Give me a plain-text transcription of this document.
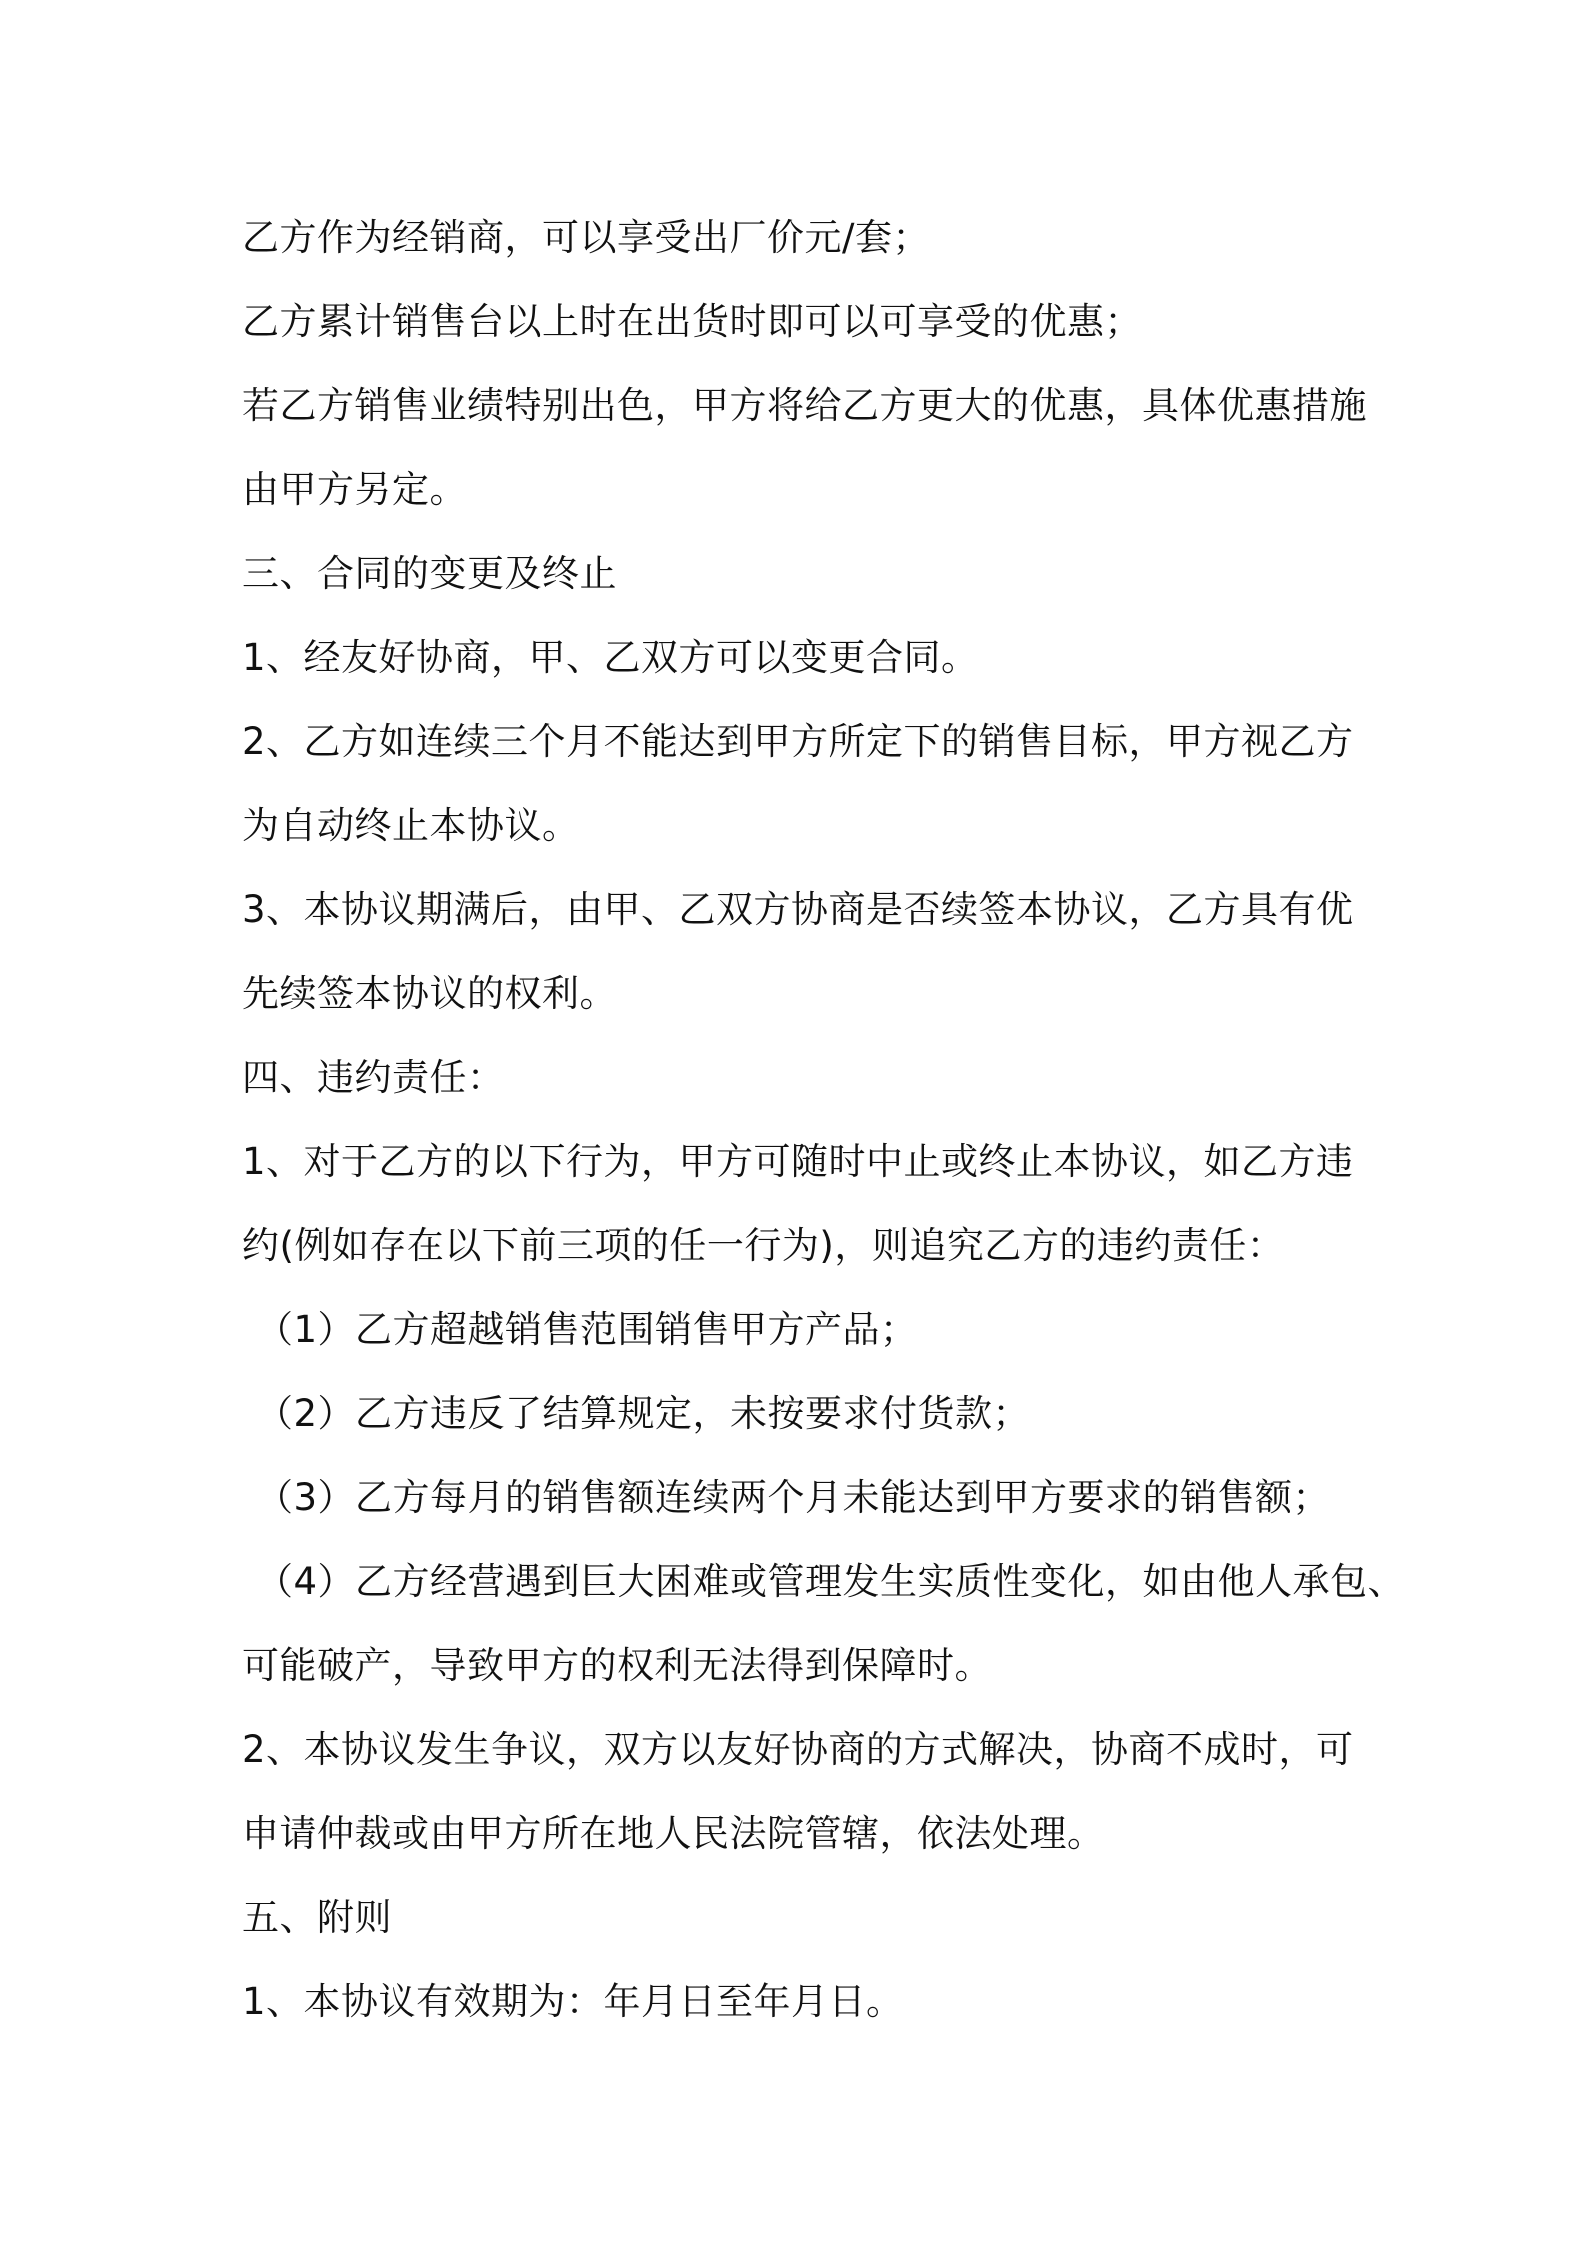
乙方作为经销商，可以享受出厂价元/套；
乙方累计销售台以上时在出货时即可以可享受的优惠；
若乙方销售业绩特别出色，甲方将给乙方更大的优惠，具体优惠措施
由甲方另定。
三、合同的变更及终止
1、经友好协商，甲、乙双方可以变更合同。
2、乙方如连续三个月不能达到甲方所定下的销售目标，甲方视乙方
为自动终止本协议。
3、本协议期满后，由甲、乙双方协商是否续签本协议，乙方具有优
先续签本协议的权利。
四、违约责任：
1、对于乙方的以下行为，甲方可随时中止或终止本协议，如乙方违
约(例如存在以下前三项的任一行为)，则追究乙方的违约责任：
（1）乙方超越销售范围销售甲方产品；
（2）乙方违反了结算规定，未按要求付货款；
（3）乙方每月的销售额连续两个月未能达到甲方要求的销售额；
（4）乙方经营遇到巨大困难或管理发生实质性变化，如由他人承包、
可能破产，导致甲方的权利无法得到保障时。
2、本协议发生争议，双方以友好协商的方式解决，协商不成时，可
申请仲裁或由甲方所在地人民法院管辖，依法处理。
五、附则
1、本协议有效期为：年月日至年月日。
